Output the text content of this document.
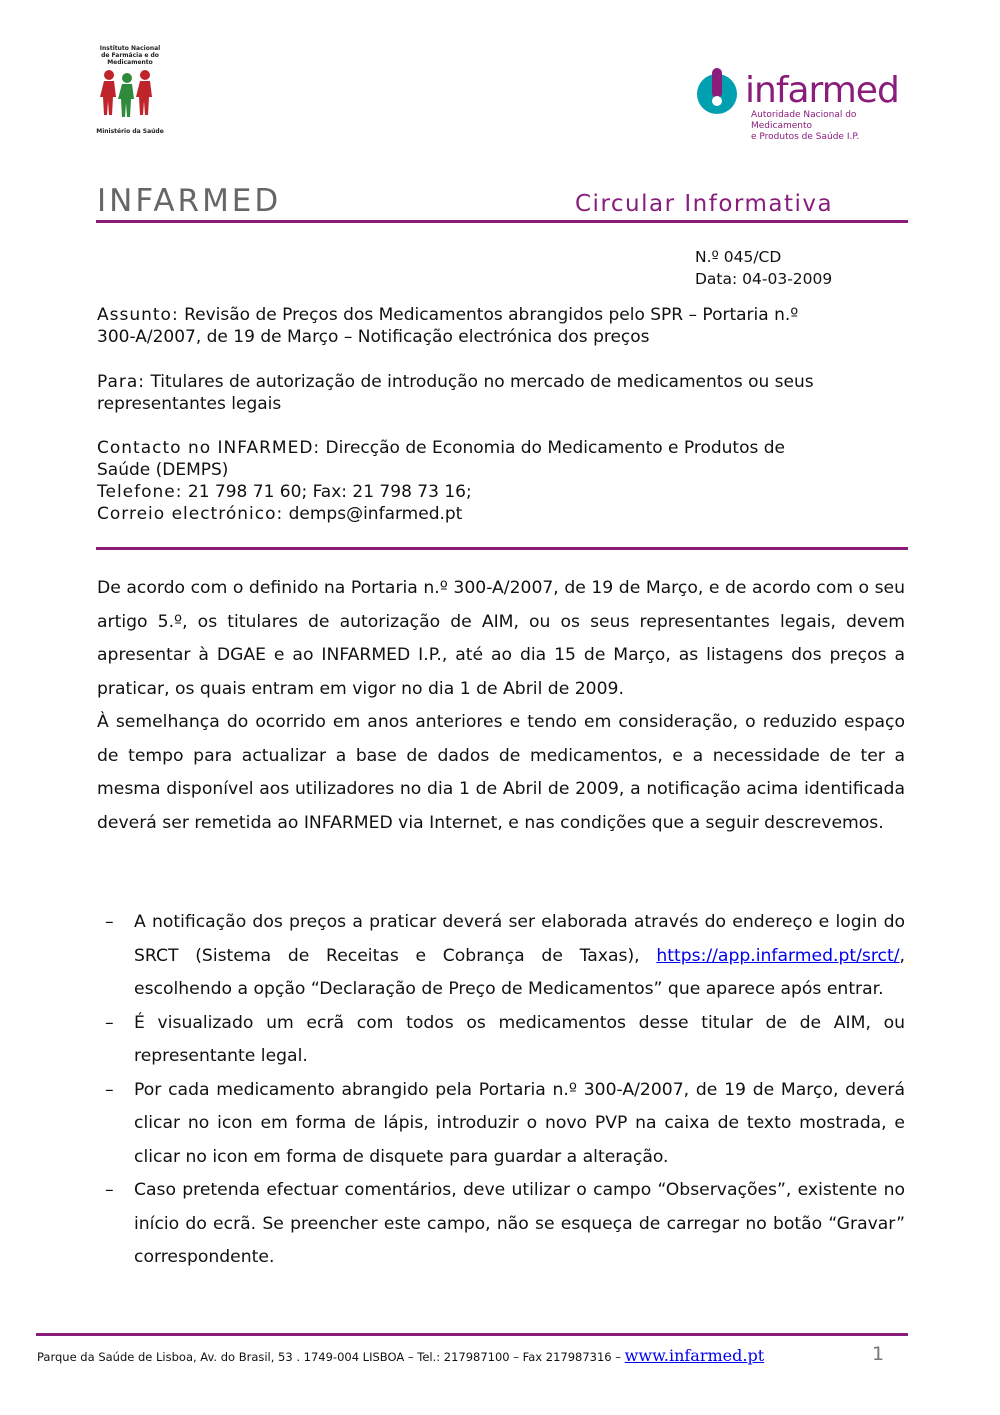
Instituto Nacional de Farmácia e do Medicamento
Ministério da Saúde
infarmed
Autoridade Nacional do Medicamento
e Produtos de Saúde I.P.
INFARMED	Circular Informativa
N.º 045/CD
Data: 04-03-2009
Assunto: Revisão de Preços dos Medicamentos abrangidos pelo SPR – Portaria n.º
300-A/2007, de 19 de Março – Notificação electrónica dos preços
Para: Titulares de autorização de introdução no mercado de medicamentos ou seus
representantes legais
Contacto no INFARMED: Direcção de Economia do Medicamento e Produtos de
Saúde (DEMPS)
Telefone: 21 798 71 60; Fax: 21 798 73 16;
Correio electrónico: demps@infarmed.pt
De acordo com o definido na Portaria n.º 300-A/2007, de 19 de Março, e de acordo com o seu artigo 5.º, os titulares de autorização de AIM, ou os seus representantes legais, devem apresentar à DGAE e ao INFARMED I.P., até ao dia 15 de Março, as listagens dos preços a praticar, os quais entram em vigor no dia 1 de Abril de 2009.
À semelhança do ocorrido em anos anteriores e tendo em consideração, o reduzido espaço de tempo para actualizar a base de dados de medicamentos, e a necessidade de ter a mesma disponível aos utilizadores no dia 1 de Abril de 2009, a notificação acima identificada deverá ser remetida ao INFARMED via Internet, e nas condições que a seguir descrevemos.
– A notificação dos preços a praticar deverá ser elaborada através do endereço e login do SRCT (Sistema de Receitas e Cobrança de Taxas), https://app.infarmed.pt/srct/, escolhendo a opção “Declaração de Preço de Medicamentos” que aparece após entrar.
– É visualizado um ecrã com todos os medicamentos desse titular de de AIM, ou representante legal.
– Por cada medicamento abrangido pela Portaria n.º 300-A/2007, de 19 de Março, deverá clicar no icon em forma de lápis, introduzir o novo PVP na caixa de texto mostrada, e clicar no icon em forma de disquete para guardar a alteração.
– Caso pretenda efectuar comentários, deve utilizar o campo “Observações”, existente no início do ecrã. Se preencher este campo, não se esqueça de carregar no botão “Gravar” correspondente.
Parque da Saúde de Lisboa, Av. do Brasil, 53 . 1749-004 LISBOA – Tel.: 217987100 – Fax 217987316 – www.infarmed.pt	1
